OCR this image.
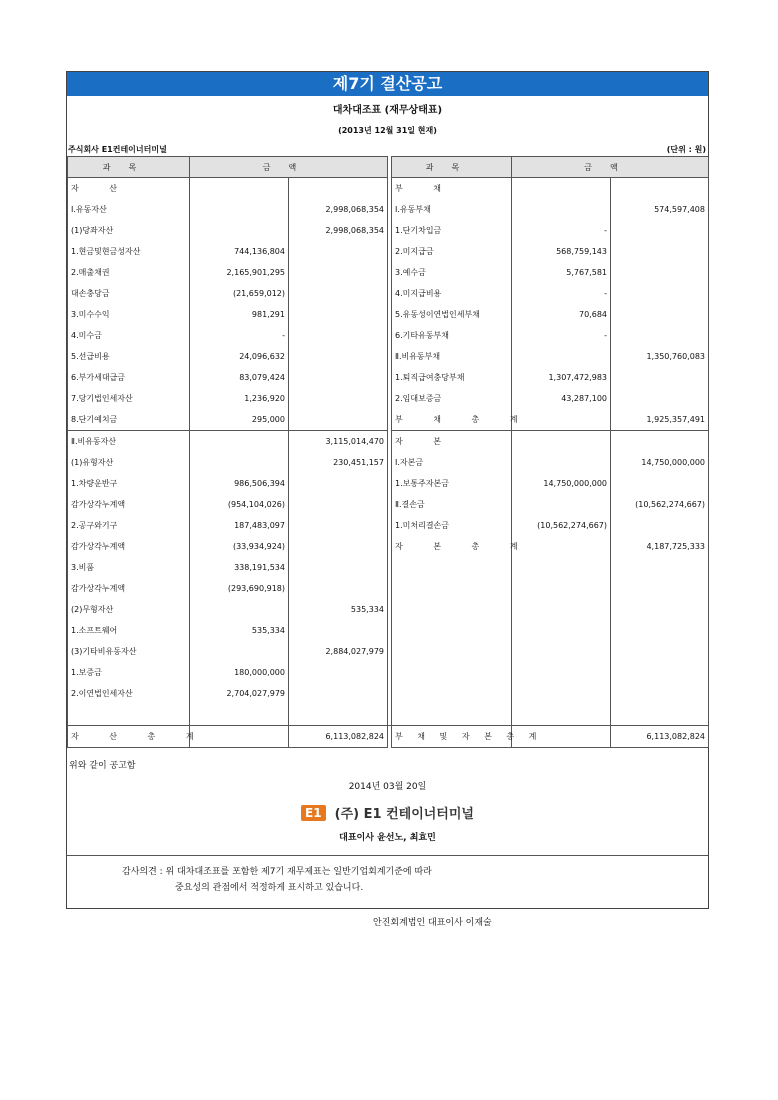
제7기 결산공고
대차대조표 (재무상태표)
(2013년 12월 31일 현재)
주식회사 E1컨테이너터미널	(단위 : 원)
과목	금액			과목	금액	
자 산				부 채		
Ⅰ.유동자산		2,998,068,354		Ⅰ.유동부채		574,597,408
(1)당좌자산		2,998,068,354		1.단기차입금	-	
1.현금및현금성자산	744,136,804			2.미지급금	568,759,143	
2.매출채권	2,165,901,295			3.예수금	5,767,581	
대손충당금	(21,659,012)			4.미지급비용	-	
3.미수수익	981,291			5.유동성이연법인세부채	70,684	
4.미수금	-			6.기타유동부채	-	
5.선급비용	24,096,632			Ⅱ.비유동부채		1,350,760,083
6.부가세대급금	83,079,424			1.퇴직급여충당부채	1,307,472,983	
7.당기법인세자산	1,236,920			2.임대보증금	43,287,100	
8.단기예치금	295,000			부 채 총 계		1,925,357,491
Ⅱ.비유동자산		3,115,014,470		자 본		
(1)유형자산		230,451,157		Ⅰ.자본금		14,750,000,000
1.차량운반구	986,506,394			1.보통주자본금	14,750,000,000	
감가상각누계액	(954,104,026)			Ⅱ.결손금		(10,562,274,667)
2.공구와기구	187,483,097			1.미처리결손금	(10,562,274,667)	
감가상각누계액	(33,934,924)			자 본 총 계		4,187,725,333
3.비품	338,191,534					
감가상각누계액	(293,690,918)					
(2)무형자산		535,334				
1.소프트웨어	535,334					
(3)기타비유동자산		2,884,027,979				
1.보증금	180,000,000					
2.이연법인세자산	2,704,027,979					

자 산 총 계		6,113,082,824		부 채 및 자 본 총 계		6,113,082,824
위와 같이 공고함
2014년 03월 20일
E1 (주) E1 컨테이너터미널
대표이사 윤선노, 최효민
감사의견 : 위 대차대조표를 포함한 제7기 재무제표는 일반기업회계기준에 따라
중요성의 관점에서 적정하게 표시하고 있습니다.
안진회계법인 대표이사 이재술
